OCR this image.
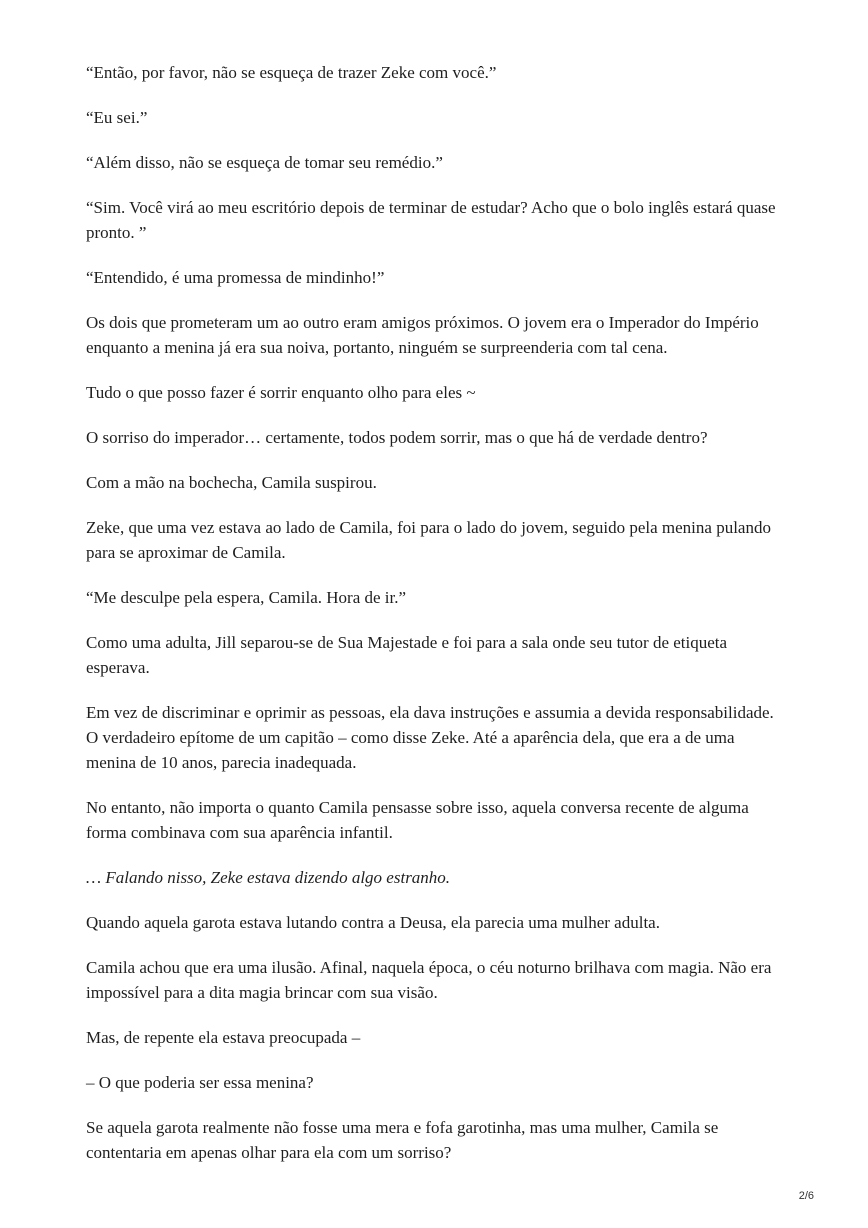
“Então, por favor, não se esqueça de trazer Zeke com você.”

“Eu sei.”

“Além disso, não se esqueça de tomar seu remédio.”

“Sim. Você virá ao meu escritório depois de terminar de estudar? Acho que o bolo inglês estará quase pronto. ”

“Entendido, é uma promessa de mindinho!”

Os dois que prometeram um ao outro eram amigos próximos. O jovem era o Imperador do Império enquanto a menina já era sua noiva, portanto, ninguém se surpreenderia com tal cena.

Tudo o que posso fazer é sorrir enquanto olho para eles ~

O sorriso do imperador… certamente, todos podem sorrir, mas o que há de verdade dentro?

Com a mão na bochecha, Camila suspirou.

Zeke, que uma vez estava ao lado de Camila, foi para o lado do jovem, seguido pela menina pulando para se aproximar de Camila.

“Me desculpe pela espera, Camila. Hora de ir.”

Como uma adulta, Jill separou-se de Sua Majestade e foi para a sala onde seu tutor de etiqueta esperava.

Em vez de discriminar e oprimir as pessoas, ela dava instruções e assumia a devida responsabilidade. O verdadeiro epítome de um capitão – como disse Zeke. Até a aparência dela, que era a de uma menina de 10 anos, parecia inadequada.

No entanto, não importa o quanto Camila pensasse sobre isso, aquela conversa recente de alguma forma combinava com sua aparência infantil.

… Falando nisso, Zeke estava dizendo algo estranho.

Quando aquela garota estava lutando contra a Deusa, ela parecia uma mulher adulta.

Camila achou que era uma ilusão. Afinal, naquela época, o céu noturno brilhava com magia. Não era impossível para a dita magia brincar com sua visão.

Mas, de repente ela estava preocupada –

– O que poderia ser essa menina?

Se aquela garota realmente não fosse uma mera e fofa garotinha, mas uma mulher, Camila se contentaria em apenas olhar para ela com um sorriso?

2/6
